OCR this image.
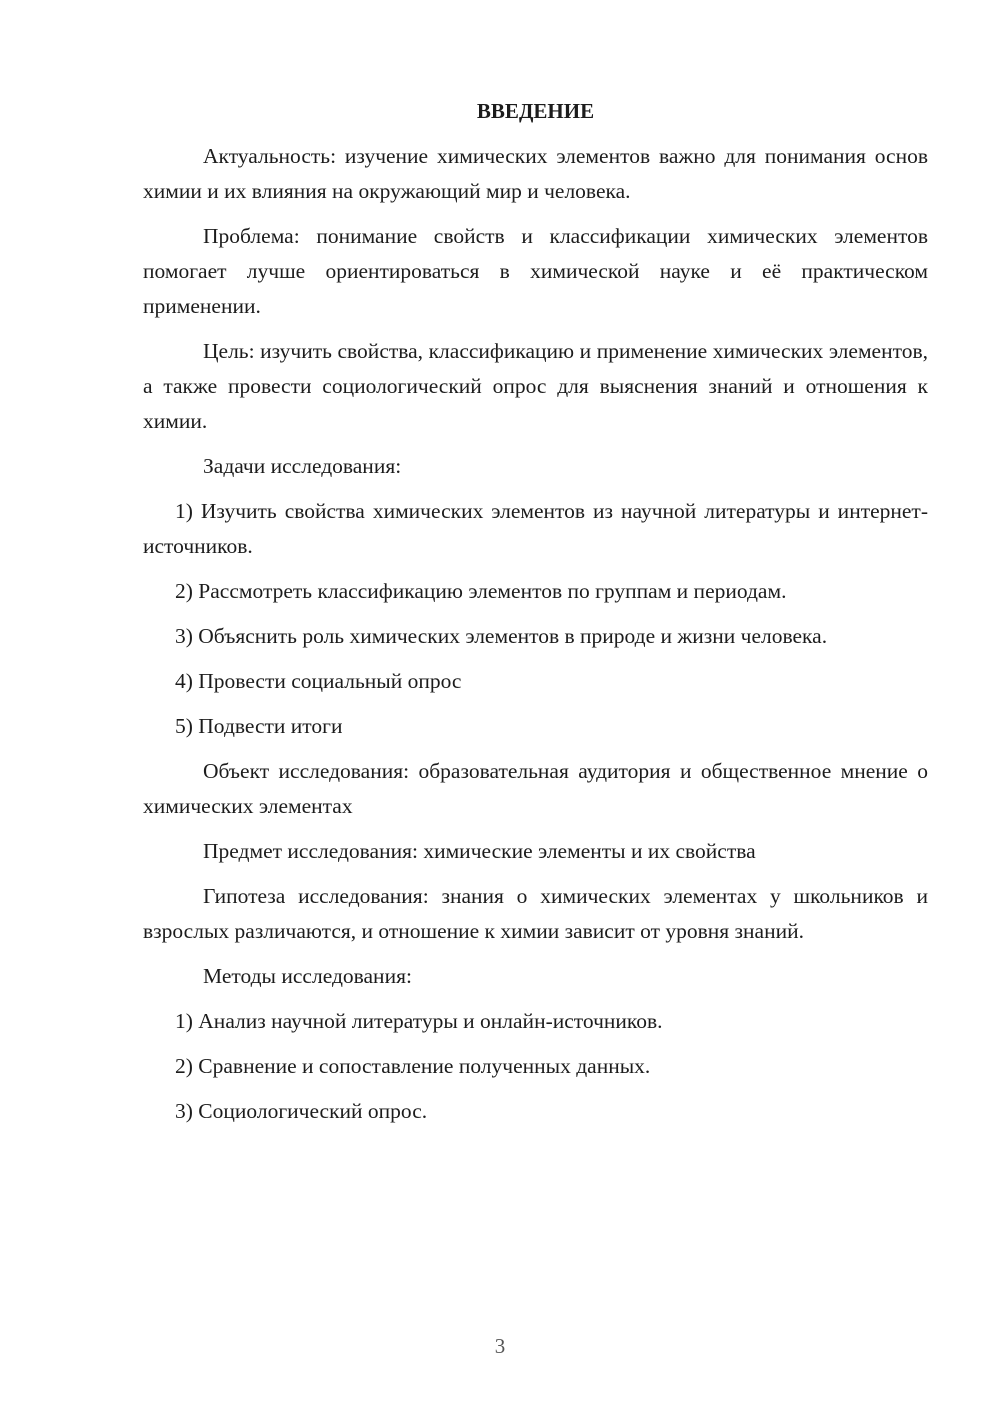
ВВЕДЕНИЕ

Актуальность: изучение химических элементов важно для понимания основ химии и их влияния на окружающий мир и человека.

Проблема: понимание свойств и классификации химических элементов помогает лучше ориентироваться в химической науке и её практическом применении.

Цель: изучить свойства, классификацию и применение химических элементов, а также провести социологический опрос для выяснения знаний и отношения к химии.

Задачи исследования:

1) Изучить свойства химических элементов из научной литературы и интернет-источников.

2) Рассмотреть классификацию элементов по группам и периодам.

3) Объяснить роль химических элементов в природе и жизни человека.

4) Провести социальный опрос

5) Подвести итоги

Объект исследования: образовательная аудитория и общественное мнение о химических элементах

Предмет исследования: химические элементы и их свойства

Гипотеза исследования: знания о химических элементах у школьников и взрослых различаются, и отношение к химии зависит от уровня знаний.

Методы исследования:

1) Анализ научной литературы и онлайн-источников.

2) Сравнение и сопоставление полученных данных.

3) Социологический опрос.

3
